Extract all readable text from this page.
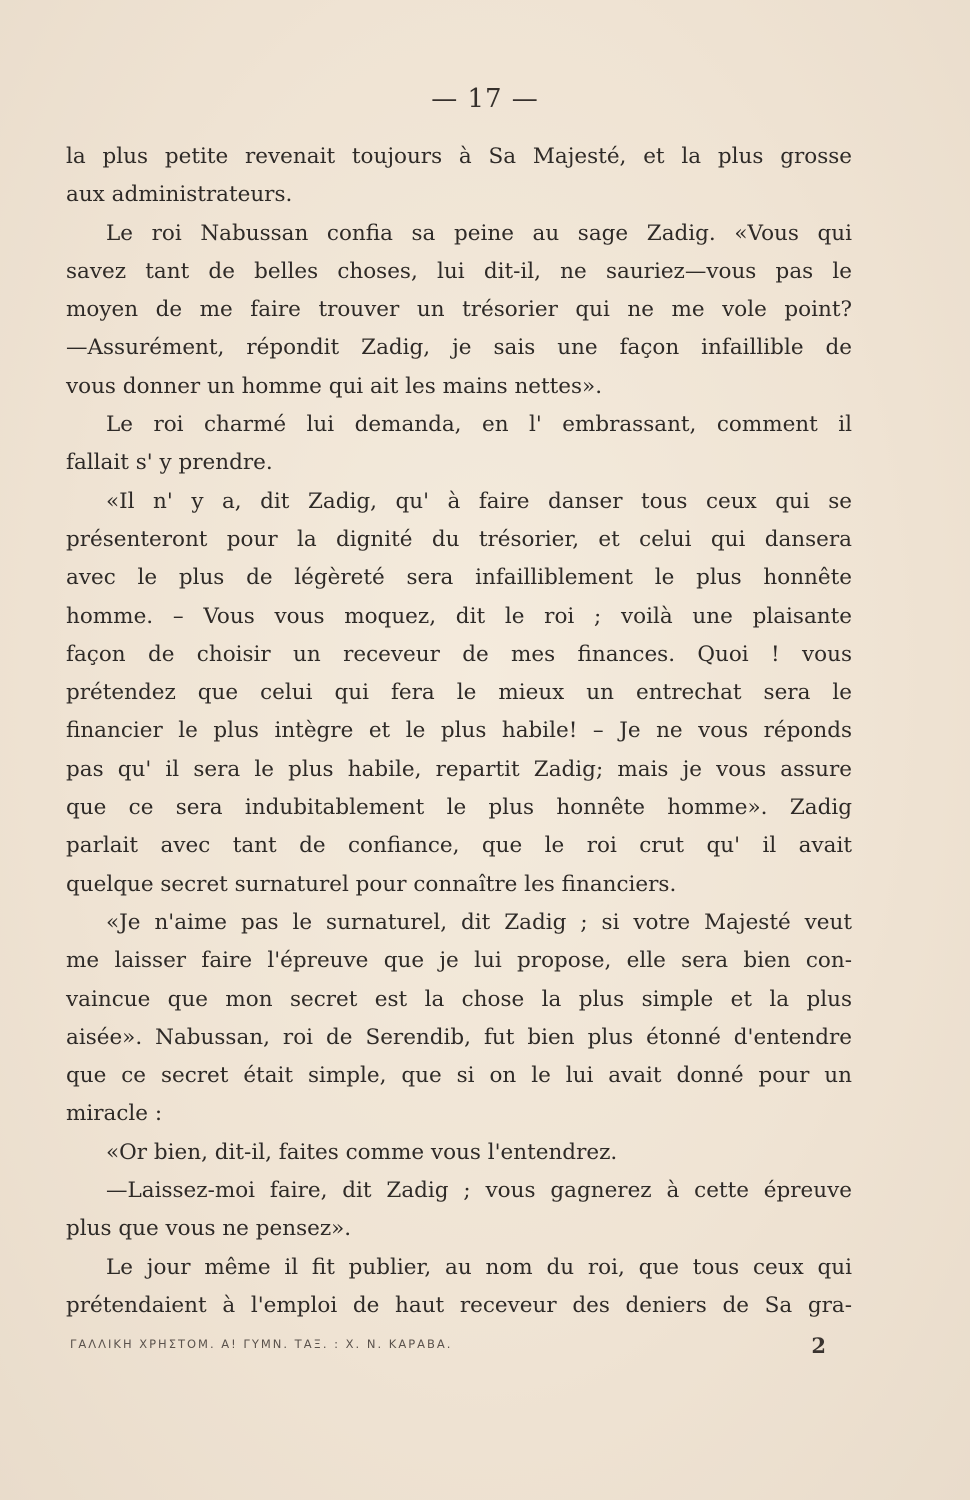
— 17 —
la plus petite revenait toujours à Sa Majesté, et la plus grosse
aux administrateurs.
Le roi Nabussan confia sa peine au sage Zadig. «Vous qui
savez tant de belles choses, lui dit-il, ne sauriez—vous pas le
moyen de me faire trouver un trésorier qui ne me vole point?
—Assurément, répondit Zadig, je sais une façon infaillible de
vous donner un homme qui ait les mains nettes».
Le roi charmé lui demanda, en l' embrassant, comment il
fallait s' y prendre.
«Il n' y a, dit Zadig, qu' à faire danser tous ceux qui se
présenteront pour la dignité du trésorier, et celui qui dansera
avec le plus de légèreté sera infailliblement le plus honnête
homme. – Vous vous moquez, dit le roi ; voilà une plaisante
façon de choisir un receveur de mes finances. Quoi ! vous
prétendez que celui qui fera le mieux un entrechat sera le
financier le plus intègre et le plus habile! – Je ne vous réponds
pas qu' il sera le plus habile, repartit Zadig; mais je vous assure
que ce sera indubitablement le plus honnête homme». Zadig
parlait avec tant de confiance, que le roi crut qu' il avait
quelque secret surnaturel pour connaître les financiers.
«Je n'aime pas le surnaturel, dit Zadig ; si votre Majesté veut
me laisser faire l'épreuve que je lui propose, elle sera bien con-
vaincue que mon secret est la chose la plus simple et la plus
aisée». Nabussan, roi de Serendib, fut bien plus étonné d'entendre
que ce secret était simple, que si on le lui avait donné pour un
miracle :
«Or bien, dit-il, faites comme vous l'entendrez.
—Laissez-moi faire, dit Zadig ; vous gagnerez à cette épreuve
plus que vous ne pensez».
Le jour même il fit publier, au nom du roi, que tous ceux qui
prétendaient à l'emploi de haut receveur des deniers de Sa gra-
ΓΑΛΛΙΚΗ ΧΡΗΣΤΟΜ. Α! ΓΥΜΝ. ΤΑΞ. : Χ. Ν. ΚΑΡΑΒΑ.	2
